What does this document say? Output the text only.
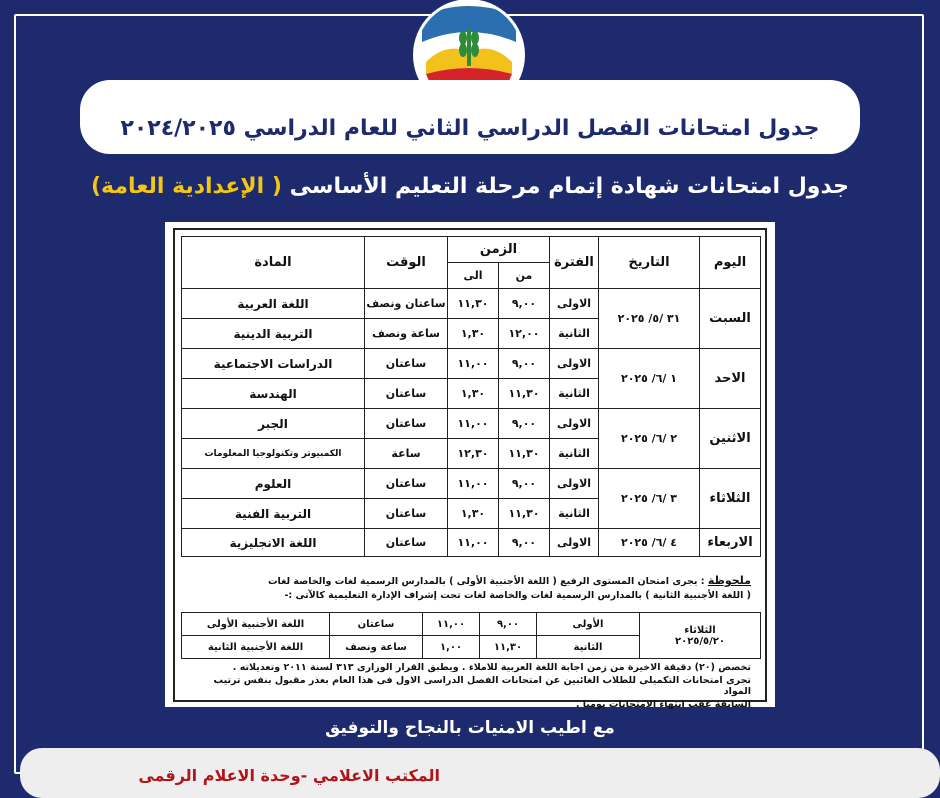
جدول امتحانات الفصل الدراسي الثاني للعام الدراسي ٢٠٢٤/٢٠٢٥
جدول امتحانات شهادة إتمام مرحلة التعليم الأساسى ( الإعدادية العامة)
اليوم	التاريخ	الفترة	الزمن		الوقت	المادة
			من	الى		
السبت	٣١ /٥/ ٢٠٢٥	الاولى	٩,٠٠	١١,٣٠	ساعتان ونصف	اللغة العربية
		الثانية	١٢,٠٠	١,٣٠	ساعة ونصف	التربية الدينية
الاحد	١ /٦/ ٢٠٢٥	الاولى	٩,٠٠	١١,٠٠	ساعتان	الدراسات الاجتماعية
		الثانية	١١,٣٠	١,٣٠	ساعتان	الهندسة
الاثنين	٢ /٦/ ٢٠٢٥	الاولى	٩,٠٠	١١,٠٠	ساعتان	الجبر
		الثانية	١١,٣٠	١٢,٣٠	ساعة	الكمبيوتر وتكنولوجيا المعلومات
الثلاثاء	٣ /٦/ ٢٠٢٥	الاولى	٩,٠٠	١١,٠٠	ساعتان	العلوم
		الثانية	١١,٣٠	١,٣٠	ساعتان	التربية الفنية
الاربعاء	٤ /٦/ ٢٠٢٥	الاولى	٩,٠٠	١١,٠٠	ساعتان	اللغة الانجليزية
ملحوظة : يجرى امتحان المستوى الرفيع ( اللغة الأجنبية الأولى ) بالمدارس الرسمية لغات والخاصة لغات
( اللغة الأجنبية الثانية ) بالمدارس الرسمية لغات والخاصة لغات تحت إشراف الإدارة التعليمية كالآتى :-
الثلاثاء
٢٠٢٥/٥/٢٠	الأولى	٩,٠٠	١١,٠٠	ساعتان	اللغة الأجنبية الأولى
	الثانية	١١,٣٠	١,٠٠	ساعة ونصف	اللغة الأجنبية الثانية
تخصص (٢٠) دقيقة الاخيرة من زمن اجابة اللغة العربية للاملاء . ويطبق القرار الوزارى ٣١٣ لسنة ٢٠١١ وتعديلاته .
تجرى امتحانات التكميلى للطلاب الغائبين عن امتحانات الفصل الدراسى الاول فى هذا العام بعذر مقبول بنفس ترتيب المواد
السابقة عقب انتهاء الامتحانات يوميا .
مع اطيب الامنيات بالنجاح والتوفيق
المكتب الاعلامي -وحدة الاعلام الرقمى
